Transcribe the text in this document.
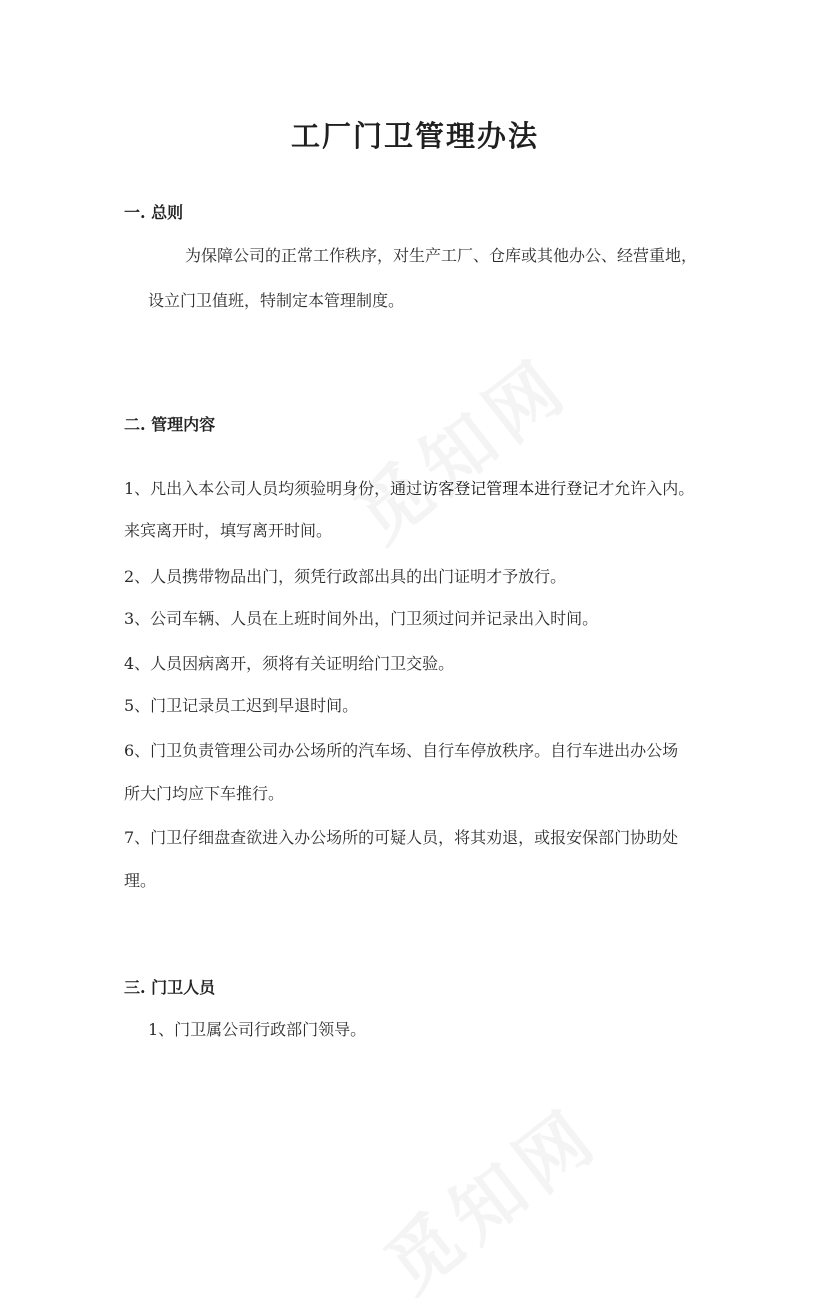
工厂门卫管理办法
一. 总则
为保障公司的正常工作秩序，对生产工厂、仓库或其他办公、经营重地，
设立门卫值班，特制定本管理制度。
二. 管理内容
1、凡出入本公司人员均须验明身份，通过访客登记管理本进行登记才允许入内。
来宾离开时，填写离开时间。
2、人员携带物品出门，须凭行政部出具的出门证明才予放行。
3、公司车辆、人员在上班时间外出，门卫须过问并记录出入时间。
4、人员因病离开，须将有关证明给门卫交验。
5、门卫记录员工迟到早退时间。
6、门卫负责管理公司办公场所的汽车场、自行车停放秩序。自行车进出办公场
所大门均应下车推行。
7、门卫仔细盘查欲进入办公场所的可疑人员，将其劝退，或报安保部门协助处
理。
三. 门卫人员
1、门卫属公司行政部门领导。
